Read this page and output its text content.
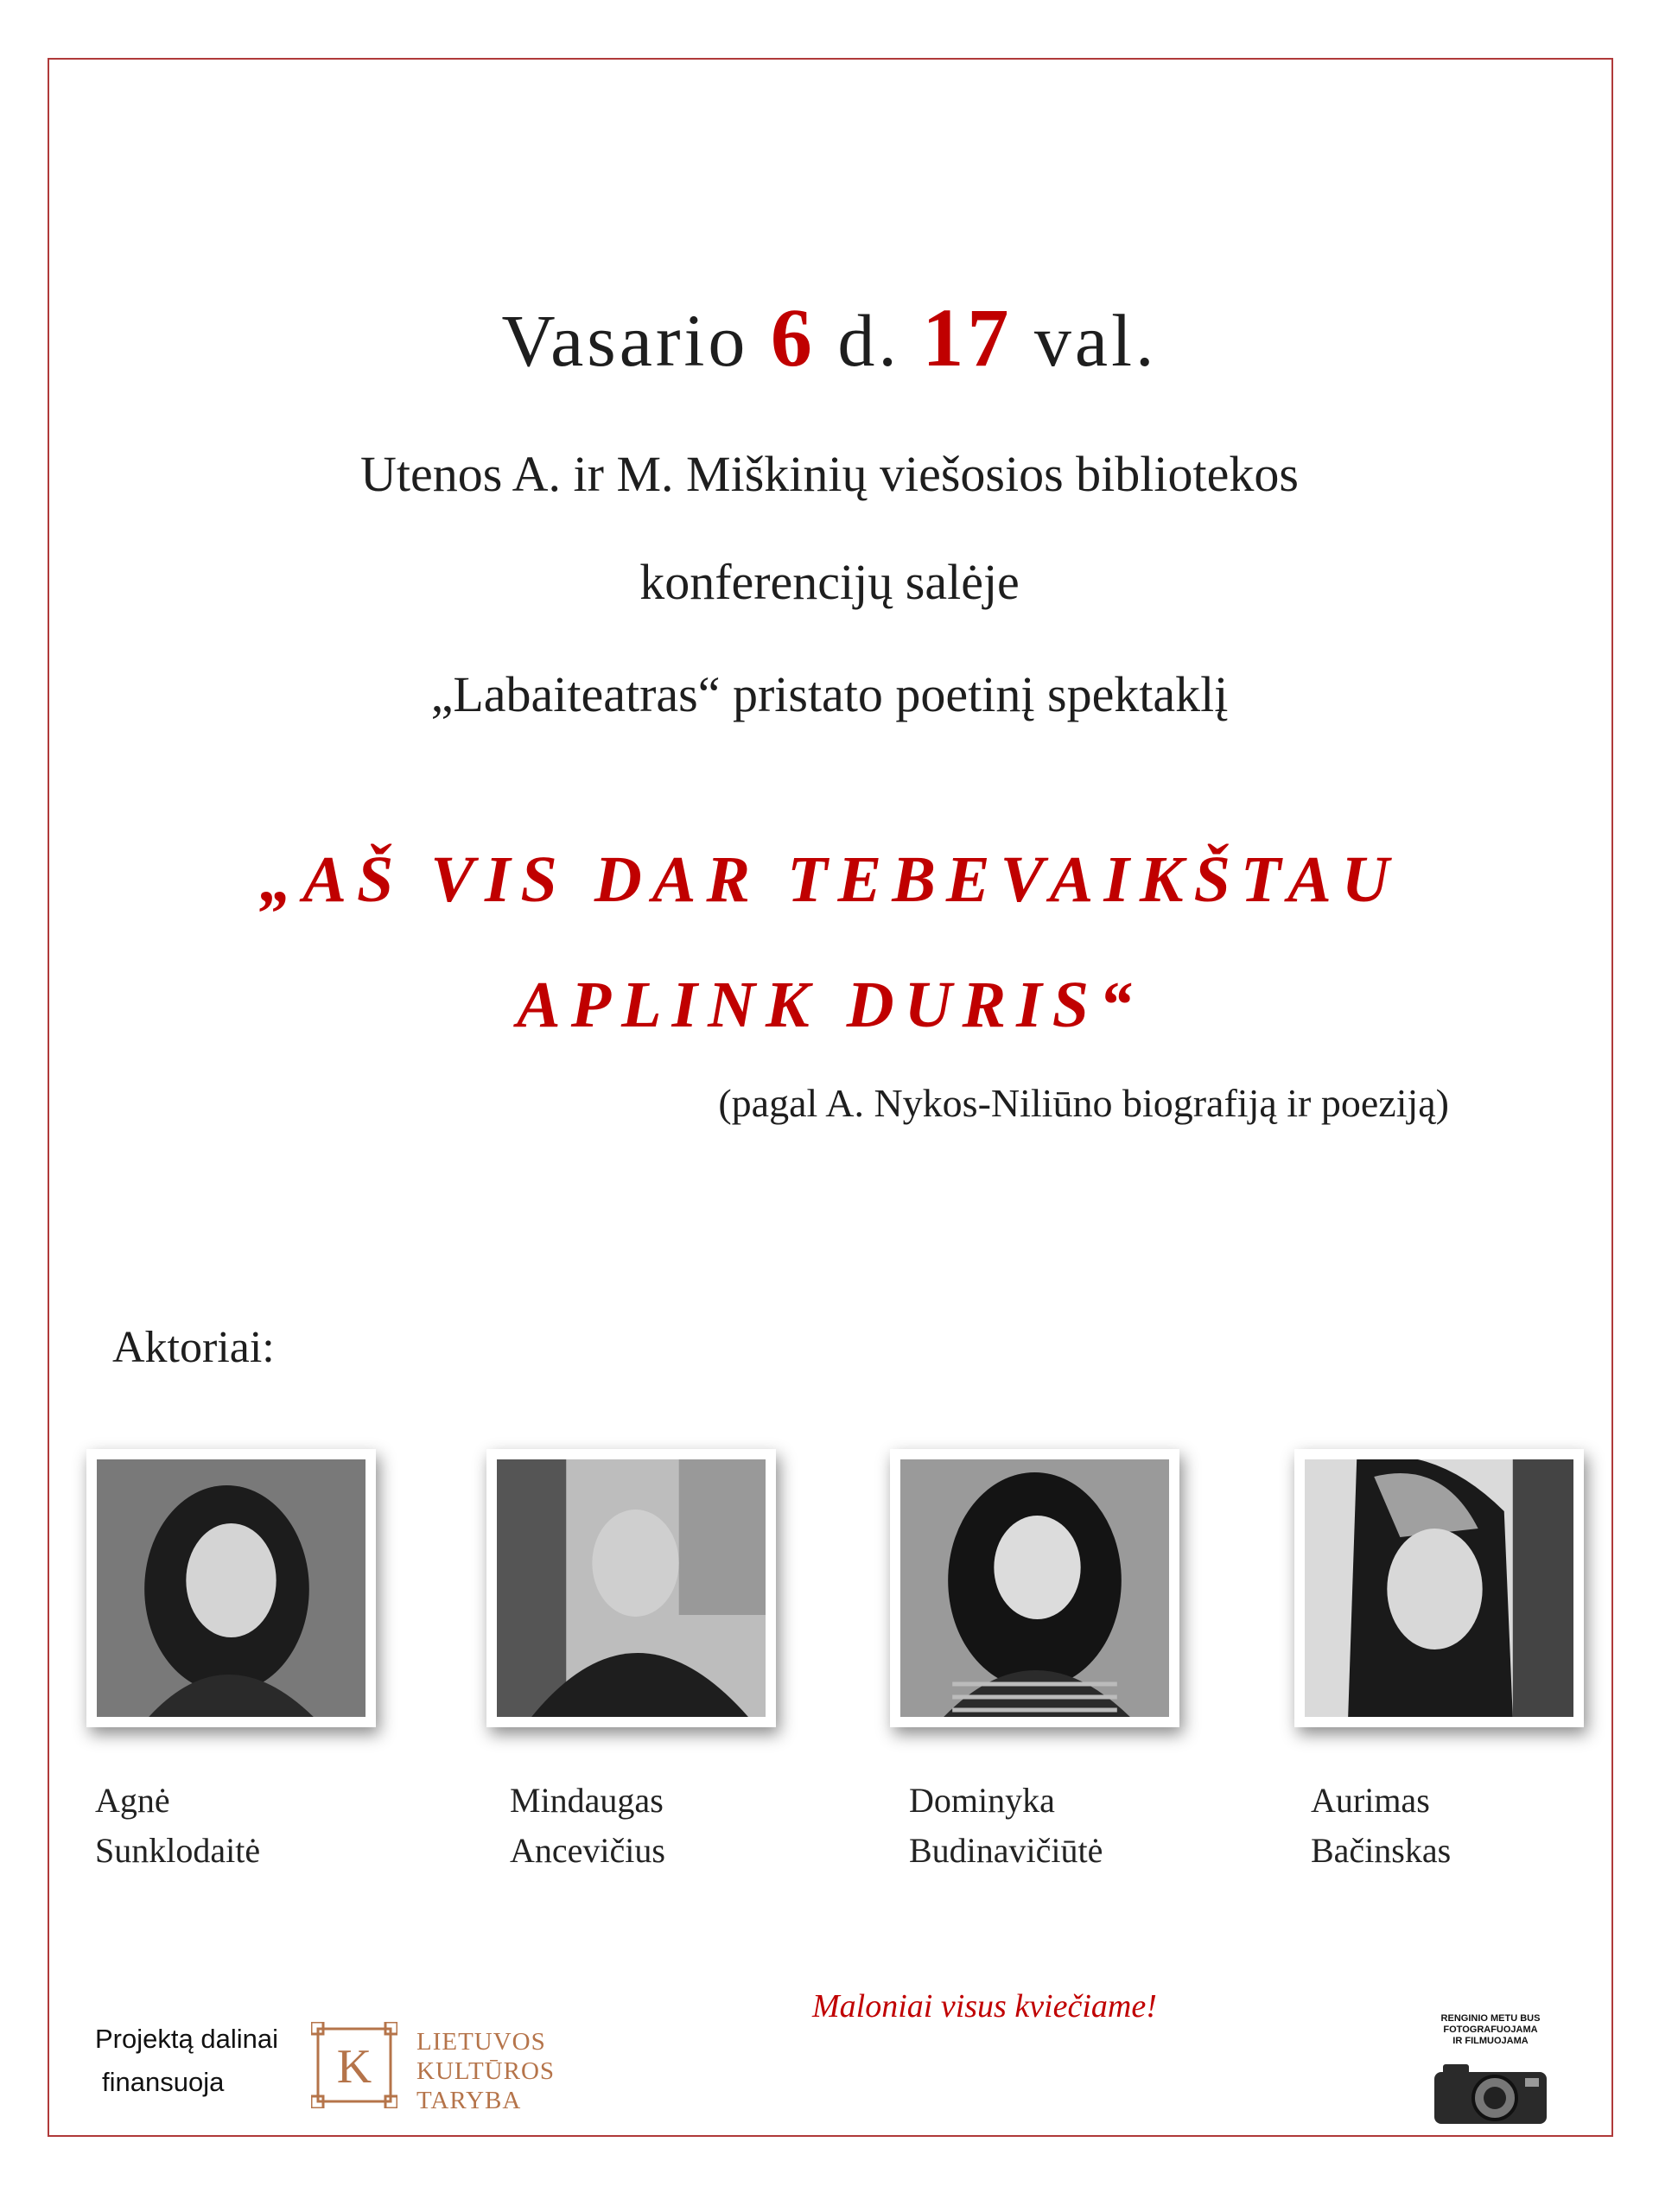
Vasario 6 d. 17 val.
Utenos A. ir M. Miškinių viešosios bibliotekos
konferencijų salėje
„Labaiteatras“ pristato poetinį spektaklį
„AŠ VIS DAR TEBEVAIKŠTAU
APLINK DURIS“
(pagal A. Nykos-Niliūno biografiją ir poeziją)
Aktoriai:
Agnė
Sunklodaitė
Mindaugas
Ancevičius
Dominyka
Budinavičiūtė
Aurimas
Bačinskas
Maloniai visus kviečiame!
Projektą dalinai
finansuoja	K LIETUVOS
KULTŪROS
TARYBA
RENGINIO METU BUS
FOTOGRAFUOJAMA
IR FILMUOJAMA
